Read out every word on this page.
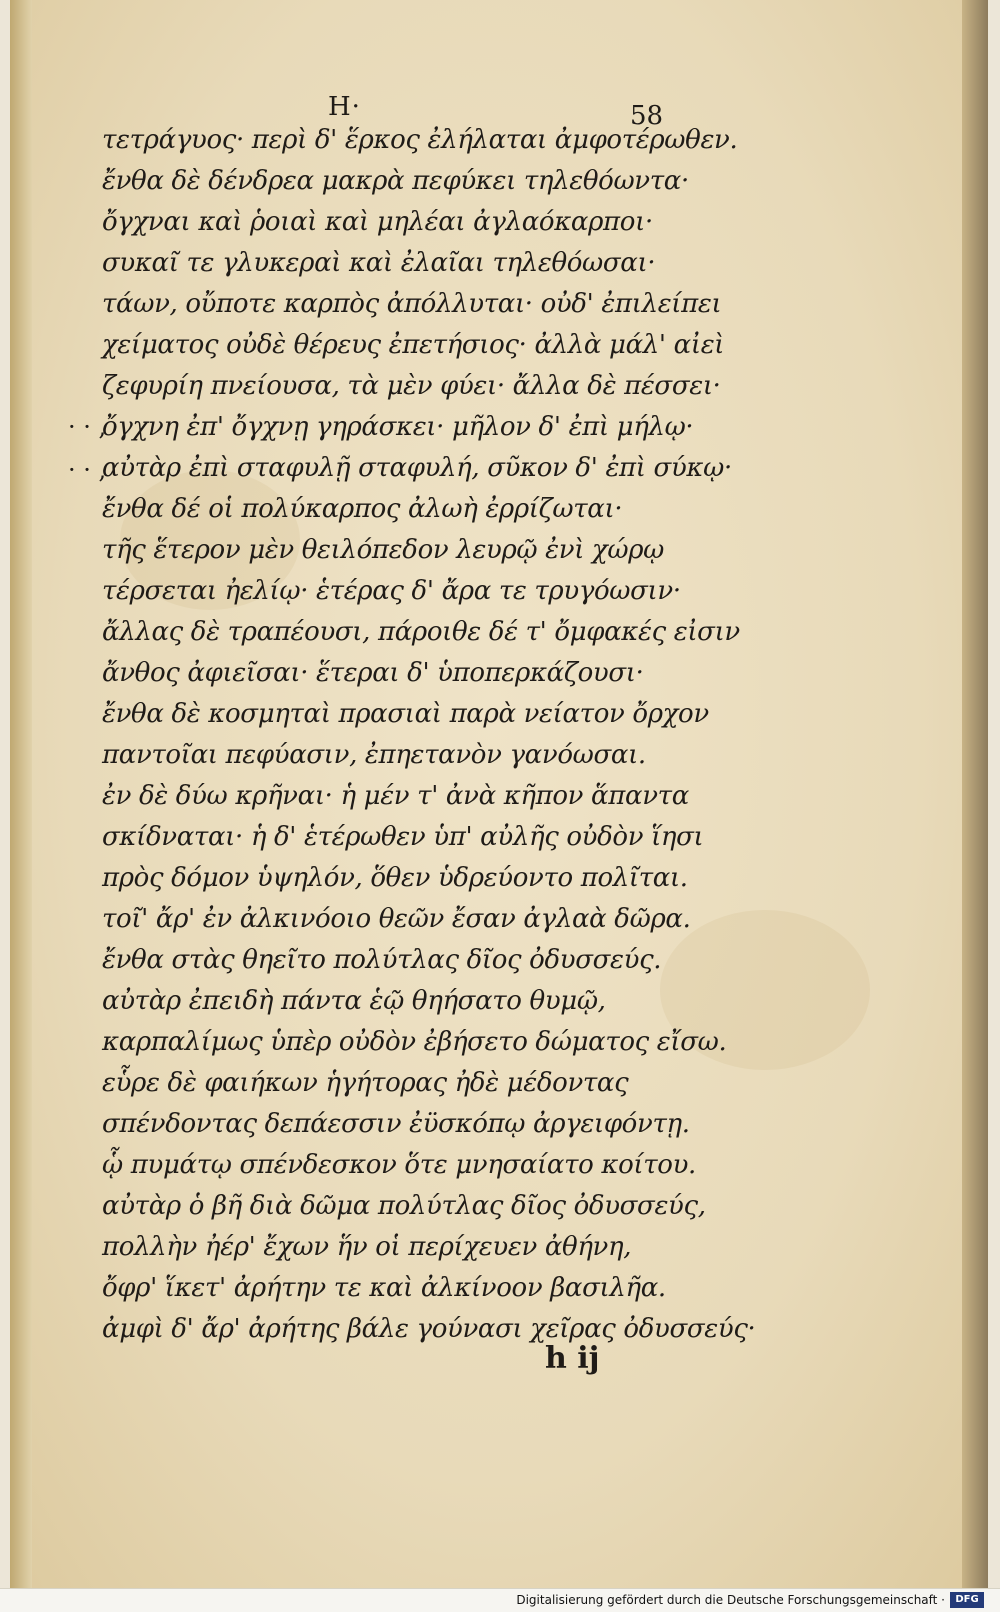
Η·	58
· · ,
· · ,
τετράγυος· περὶ δ' ἕρκος ἐλήλαται ἀμφοτέρωθεν.
ἔνθα δὲ δένδρεα μακρὰ πεφύκει τηλεθόωντα·
ὄγχναι καὶ ῥοιαὶ καὶ μηλέαι ἀγλαόκαρποι·
συκαῖ τε γλυκεραὶ καὶ ἐλαῖαι τηλεθόωσαι·
τάων, οὔποτε καρπὸς ἀπόλλυται· οὐδ' ἐπιλείπει
χείματος οὐδὲ θέρευς ἐπετήσιος· ἀλλὰ μάλ' αἰεὶ
ζεφυρίη πνείουσα, τὰ μὲν φύει· ἄλλα δὲ πέσσει·
ὄγχνη ἐπ' ὄγχνῃ γηράσκει· μῆλον δ' ἐπὶ μήλῳ·
αὐτὰρ ἐπὶ σταφυλῇ σταφυλή, σῦκον δ' ἐπὶ σύκῳ·
ἔνθα δέ οἱ πολύκαρπος ἀλωὴ ἐρρίζωται·
τῆς ἕτερον μὲν θειλόπεδον λευρῷ ἐνὶ χώρῳ
τέρσεται ἠελίῳ· ἑτέρας δ' ἄρα τε τρυγόωσιν·
ἄλλας δὲ τραπέουσι, πάροιθε δέ τ' ὄμφακές εἰσιν
ἄνθος ἀφιεῖσαι· ἕτεραι δ' ὑποπερκάζουσι·
ἔνθα δὲ κοσμηταὶ πρασιαὶ παρὰ νείατον ὄρχον
παντοῖαι πεφύασιν, ἐπηετανὸν γανόωσαι.
ἐν δὲ δύω κρῆναι· ἡ μέν τ' ἀνὰ κῆπον ἅπαντα
σκίδναται· ἡ δ' ἑτέρωθεν ὑπ' αὐλῆς οὐδὸν ἵησι
πρὸς δόμον ὑψηλόν, ὅθεν ὑδρεύοντο πολῖται.
τοῖ' ἄρ' ἐν ἀλκινόοιο θεῶν ἔσαν ἀγλαὰ δῶρα.
ἔνθα στὰς θηεῖτο πολύτλας δῖος ὀδυσσεύς.
αὐτὰρ ἐπειδὴ πάντα ἑῷ θηήσατο θυμῷ,
καρπαλίμως ὑπὲρ οὐδὸν ἐβήσετο δώματος εἴσω.
εὗρε δὲ φαιήκων ἡγήτορας ἠδὲ μέδοντας
σπένδοντας δεπάεσσιν ἐϋσκόπῳ ἀργειφόντῃ.
ᾧ πυμάτῳ σπένδεσκον ὅτε μνησαίατο κοίτου.
αὐτὰρ ὁ βῆ διὰ δῶμα πολύτλας δῖος ὀδυσσεύς,
πολλὴν ἠέρ' ἔχων ἥν οἱ περίχευεν ἀθήνη,
ὄφρ' ἵκετ' ἀρήτην τε καὶ ἀλκίνοον βασιλῆα.
ἀμφὶ δ' ἄρ' ἀρήτης βάλε γούνασι χεῖρας ὀδυσσεύς·
h ij
Digitalisierung gefördert durch die Deutsche Forschungsgemeinschaft ·	DFG
